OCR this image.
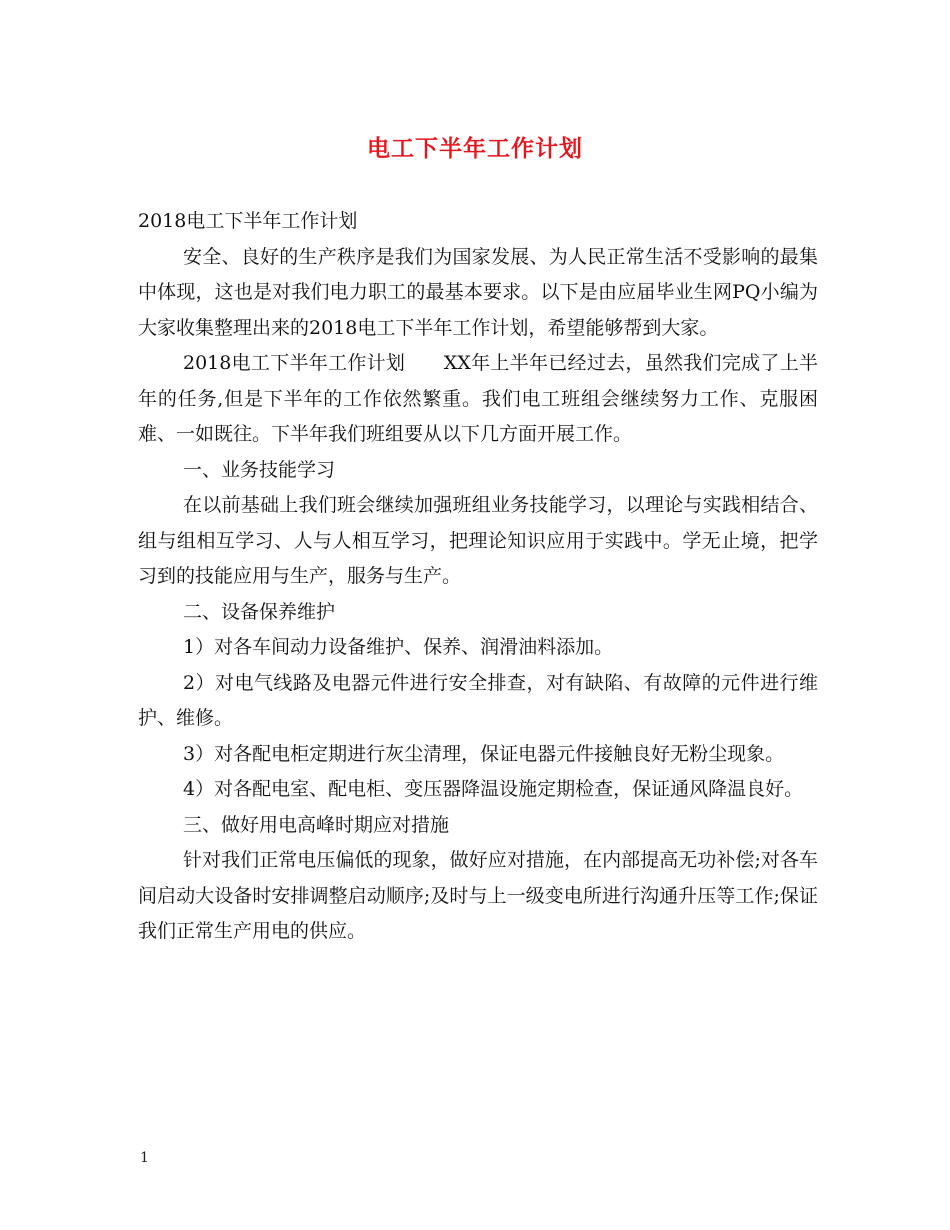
电工下半年工作计划

2018电工下半年工作计划

安全、良好的生产秩序是我们为国家发展、为人民正常生活不受影响的最集中体现，这也是对我们电力职工的最基本要求。以下是由应届毕业生网PQ小编为大家收集整理出来的2018电工下半年工作计划，希望能够帮到大家。

2018电工下半年工作计划　　XX年上半年已经过去，虽然我们完成了上半年的任务,但是下半年的工作依然繁重。我们电工班组会继续努力工作、克服困难、一如既往。下半年我们班组要从以下几方面开展工作。

一、业务技能学习

在以前基础上我们班会继续加强班组业务技能学习，以理论与实践相结合、组与组相互学习、人与人相互学习，把理论知识应用于实践中。学无止境，把学习到的技能应用与生产，服务与生产。

二、设备保养维护

1）对各车间动力设备维护、保养、润滑油料添加。

2）对电气线路及电器元件进行安全排查，对有缺陷、有故障的元件进行维护、维修。

3）对各配电柜定期进行灰尘清理，保证电器元件接触良好无粉尘现象。

4）对各配电室、配电柜、变压器降温设施定期检查，保证通风降温良好。

三、做好用电高峰时期应对措施

针对我们正常电压偏低的现象，做好应对措施，在内部提高无功补偿;对各车间启动大设备时安排调整启动顺序;及时与上一级变电所进行沟通升压等工作;保证我们正常生产用电的供应。

1
